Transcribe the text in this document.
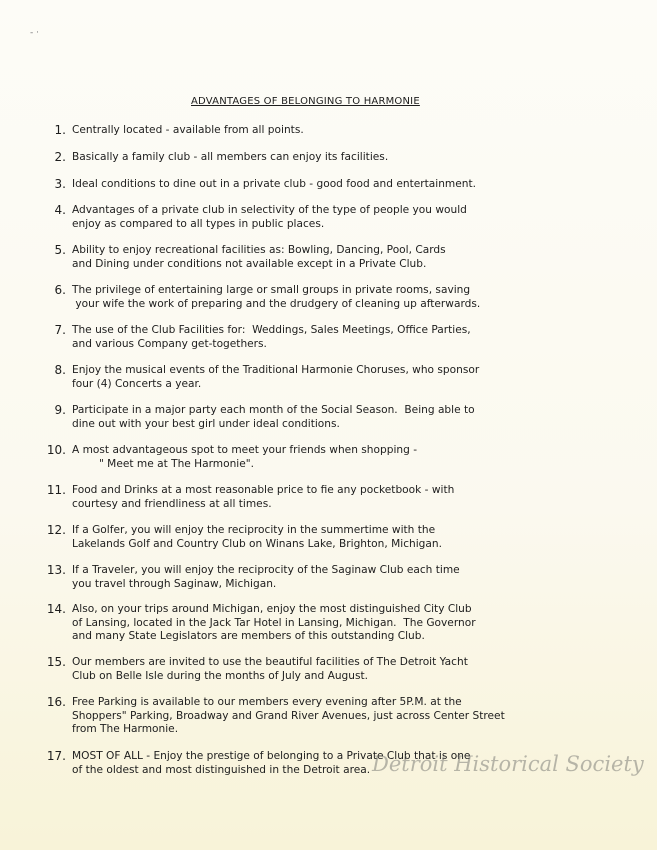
- ·
ADVANTAGES OF BELONGING TO HARMONIE
1. Centrally located - available from all points.
2. Basically a family club - all members can enjoy its facilities.
3. Ideal conditions to dine out in a private club - good food and entertainment.
4. Advantages of a private club in selectivity of the type of people you would
enjoy as compared to all types in public places.
5. Ability to enjoy recreational facilities as: Bowling, Dancing, Pool, Cards
and Dining under conditions not available except in a Private Club.
6. The privilege of entertaining large or small groups in private rooms, saving
your wife the work of preparing and the drudgery of cleaning up afterwards.
7. The use of the Club Facilities for:  Weddings, Sales Meetings, Office Parties,
and various Company get-togethers.
8. Enjoy the musical events of the Traditional Harmonie Choruses, who sponsor
four (4) Concerts a year.
9. Participate in a major party each month of the Social Season.  Being able to
dine out with your best girl under ideal conditions.
10. A most advantageous spot to meet your friends when shopping -
" Meet me at The Harmonie".
11. Food and Drinks at a most reasonable price to fie any pocketbook - with
courtesy and friendliness at all times.
12. If a Golfer, you will enjoy the reciprocity in the summertime with the
Lakelands Golf and Country Club on Winans Lake, Brighton, Michigan.
13. If a Traveler, you will enjoy the reciprocity of the Saginaw Club each time
you travel through Saginaw, Michigan.
14. Also, on your trips around Michigan, enjoy the most distinguished City Club
of Lansing, located in the Jack Tar Hotel in Lansing, Michigan.  The Governor
and many State Legislators are members of this outstanding Club.
15. Our members are invited to use the beautiful facilities of The Detroit Yacht
Club on Belle Isle during the months of July and August.
16. Free Parking is available to our members every evening after 5P.M. at the
Shoppers" Parking, Broadway and Grand River Avenues, just across Center Street
from The Harmonie.
17. MOST OF ALL - Enjoy the prestige of belonging to a Private Club that is one
of the oldest and most distinguished in the Detroit area. Detroit Historical Society
